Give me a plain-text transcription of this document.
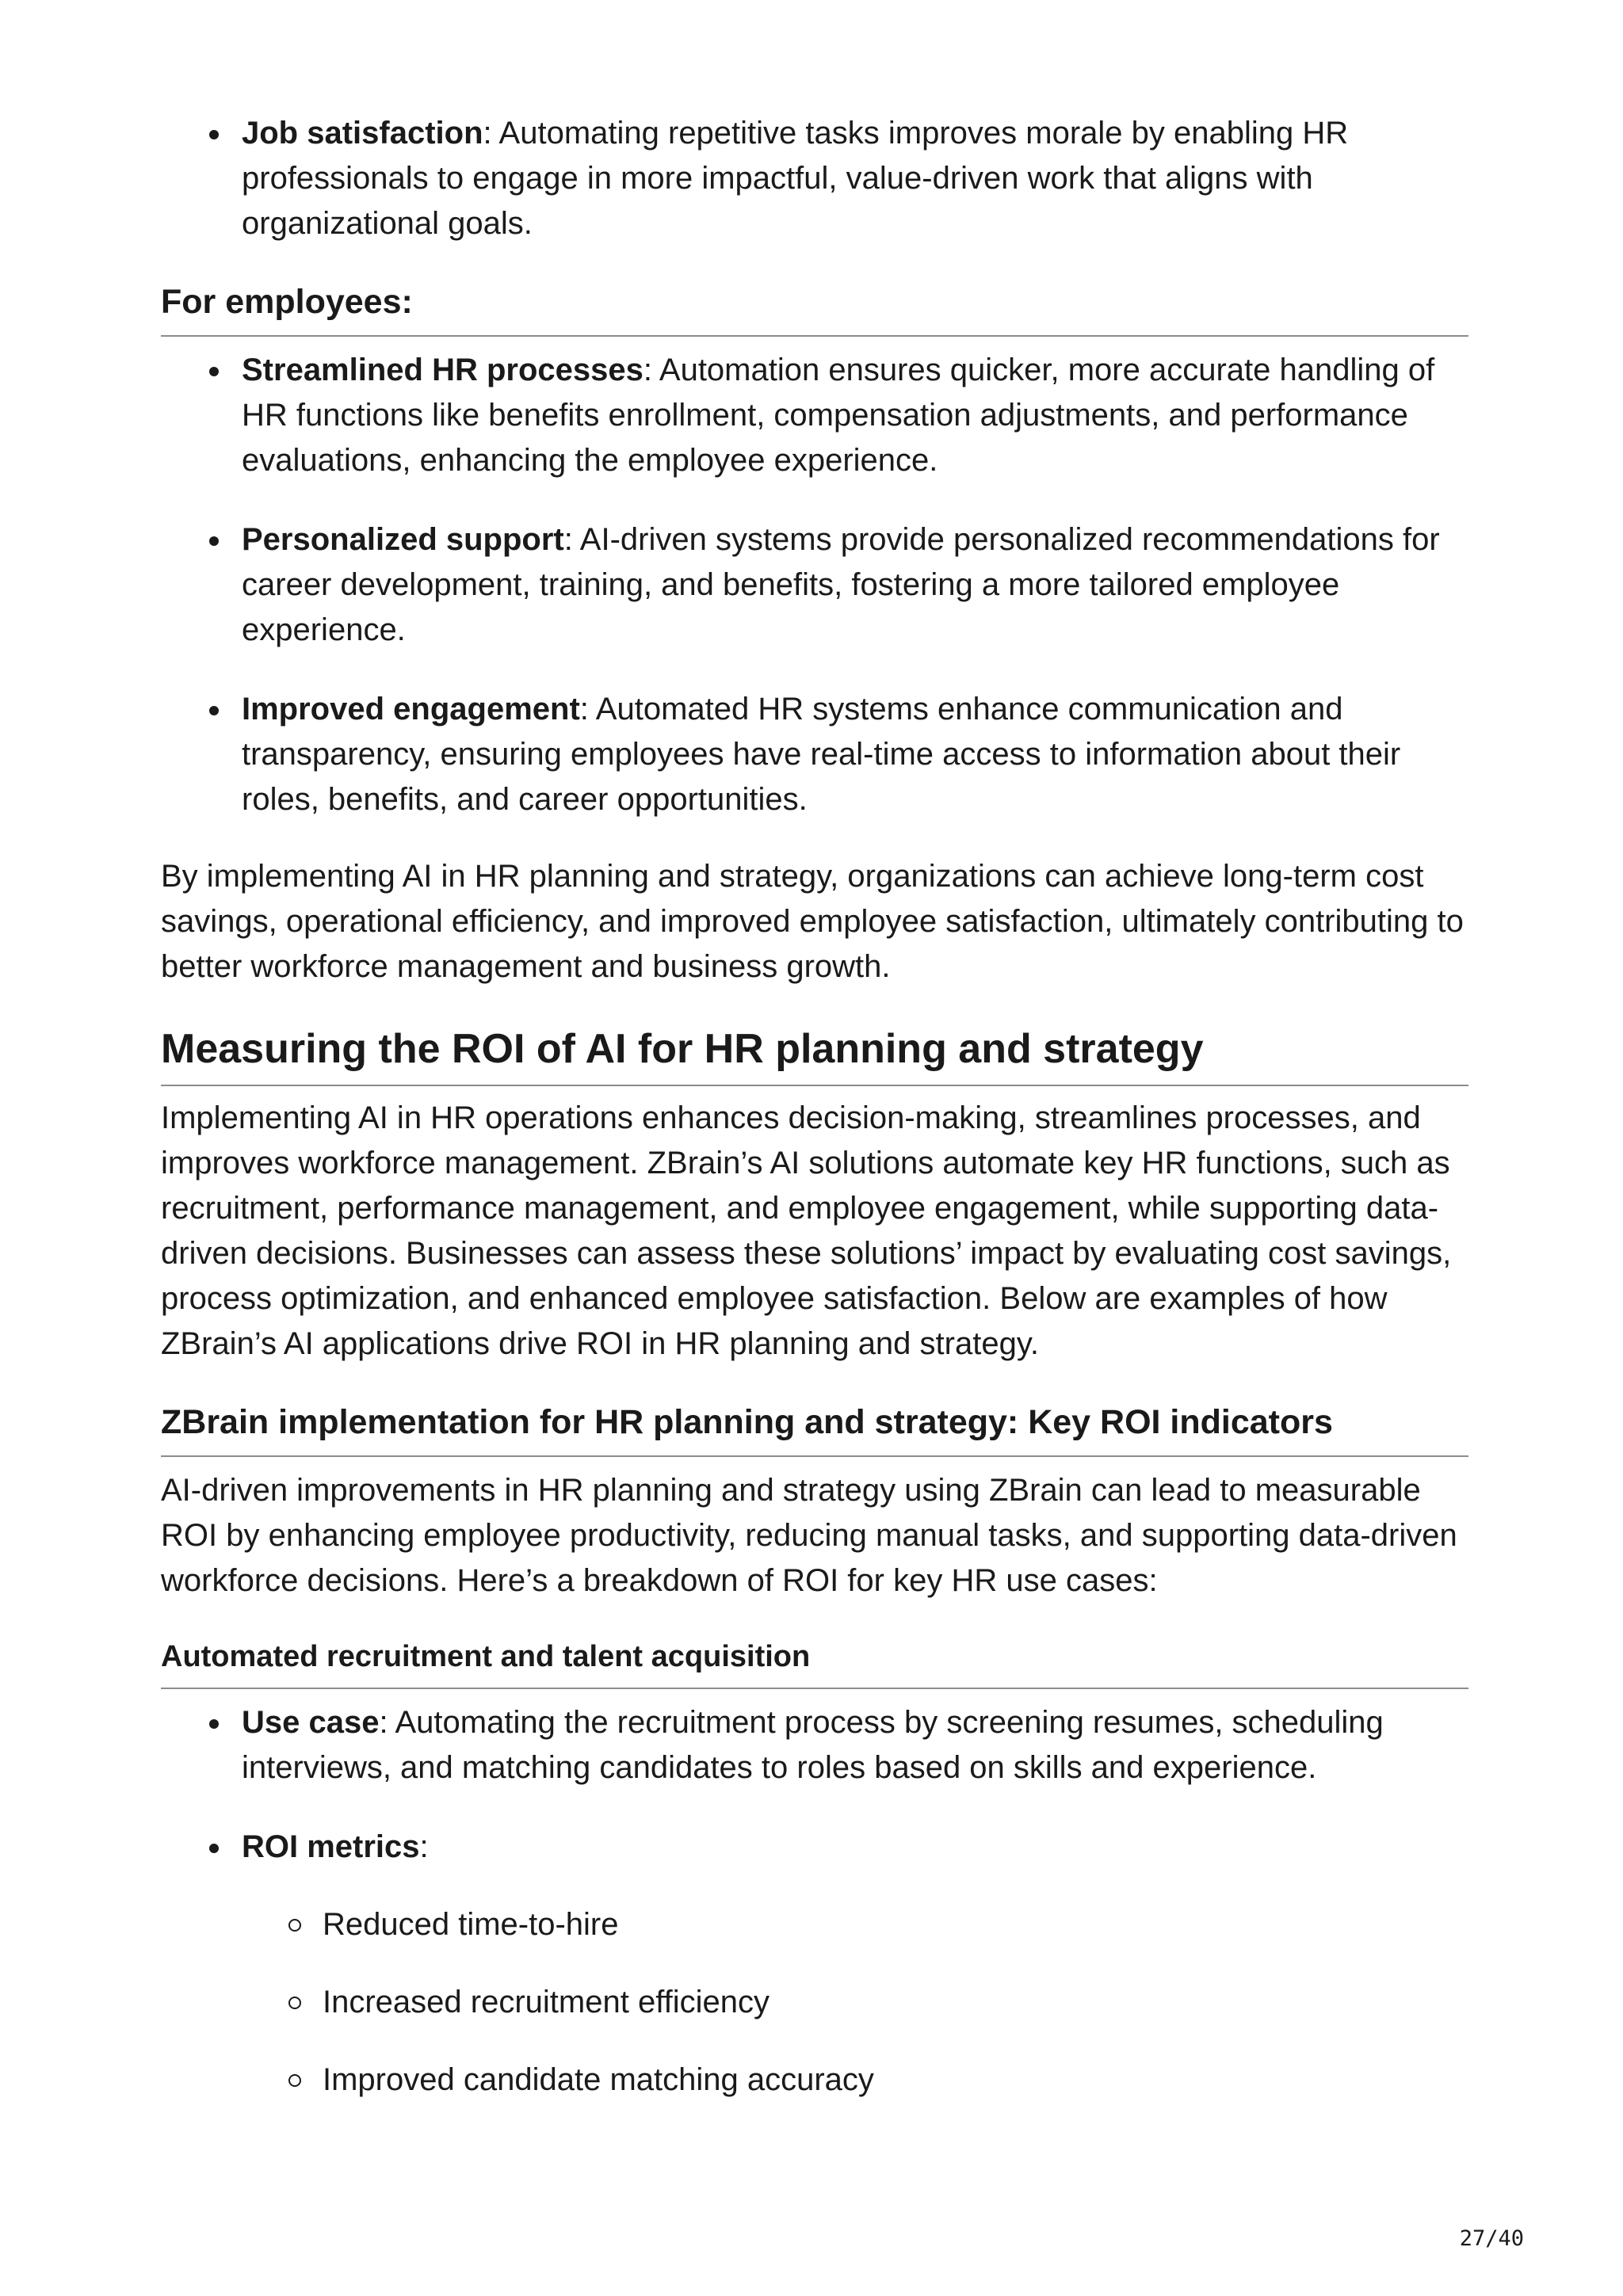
Job satisfaction: Automating repetitive tasks improves morale by enabling HR professionals to engage in more impactful, value-driven work that aligns with organizational goals.
For employees:
Streamlined HR processes: Automation ensures quicker, more accurate handling of HR functions like benefits enrollment, compensation adjustments, and performance evaluations, enhancing the employee experience.
Personalized support: AI-driven systems provide personalized recommendations for career development, training, and benefits, fostering a more tailored employee experience.
Improved engagement: Automated HR systems enhance communication and transparency, ensuring employees have real-time access to information about their roles, benefits, and career opportunities.

By implementing AI in HR planning and strategy, organizations can achieve long-term cost savings, operational efficiency, and improved employee satisfaction, ultimately contributing to better workforce management and business growth.

Measuring the ROI of AI for HR planning and strategy

Implementing AI in HR operations enhances decision-making, streamlines processes, and improves workforce management. ZBrain’s AI solutions automate key HR functions, such as recruitment, performance management, and employee engagement, while supporting data-driven decisions. Businesses can assess these solutions’ impact by evaluating cost savings, process optimization, and enhanced employee satisfaction. Below are examples of how ZBrain’s AI applications drive ROI in HR planning and strategy.

ZBrain implementation for HR planning and strategy: Key ROI indicators

AI-driven improvements in HR planning and strategy using ZBrain can lead to measurable ROI by enhancing employee productivity, reducing manual tasks, and supporting data-driven workforce decisions. Here’s a breakdown of ROI for key HR use cases:

Automated recruitment and talent acquisition
Use case: Automating the recruitment process by screening resumes, scheduling interviews, and matching candidates to roles based on skills and experience.
ROI metrics:
Reduced time-to-hire
Increased recruitment efficiency
Improved candidate matching accuracy
27/40
